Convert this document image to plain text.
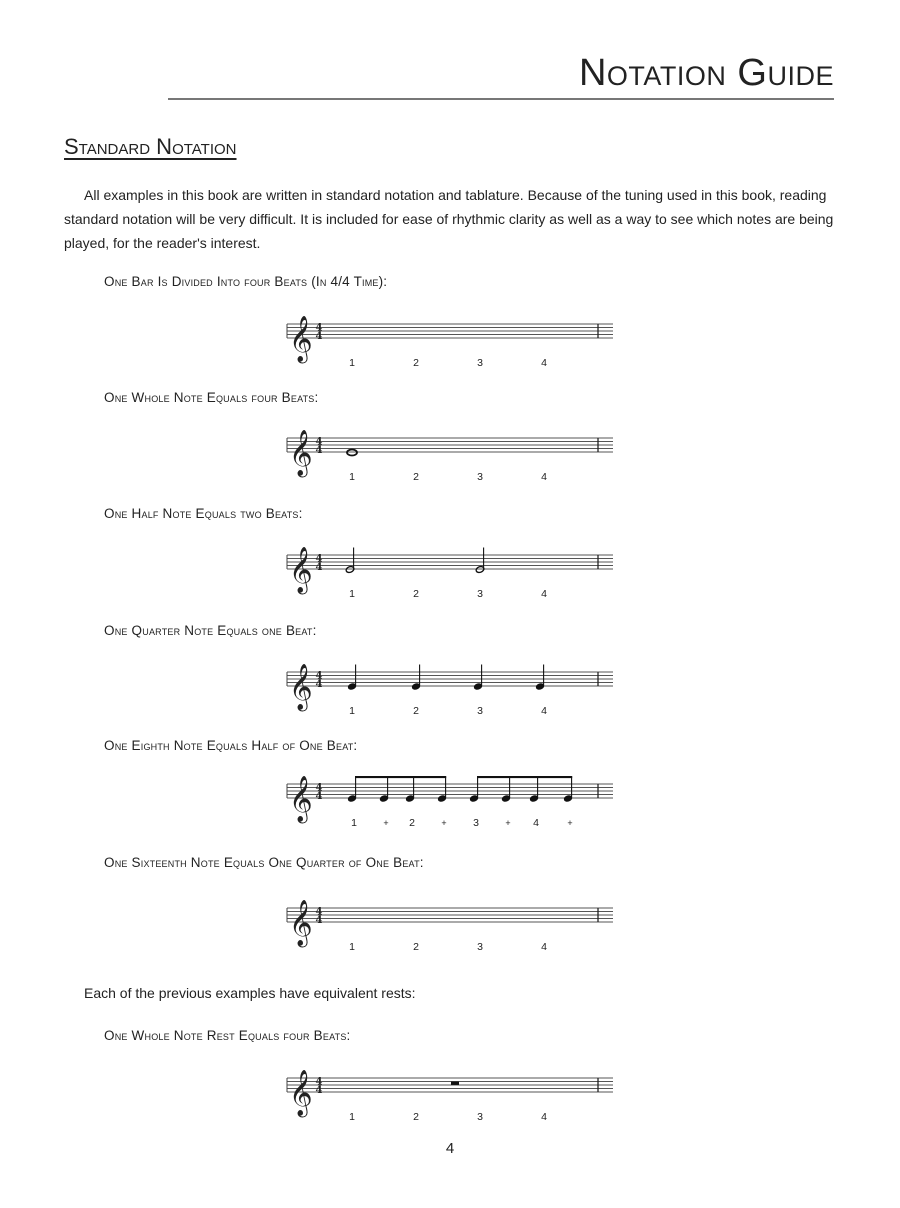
Notation Guide
Standard Notation
All examples in this book are written in standard notation and tablature. Because of the tuning used in this book, reading standard notation will be very difficult. It is included for ease of rhythmic clarity as well as a way to see which notes are being played, for the reader's interest.
One Bar Is Divided Into four Beats (In 4/4 Time):
𝄞 4
4
1	2	3	4
One Whole Note Equals four Beats:
𝄞 4
4
1	2	3	4
One Half Note Equals two Beats:
𝄞 4
4
1	2	3	4
One Quarter Note Equals one Beat:
𝄞 4
4
1	2	3	4
One Eighth Note Equals Half of One Beat:
𝄞 4
4
1	+ 2	+	3	+ 4	+
One Sixteenth Note Equals One Quarter of One Beat:
𝄞 4
4
1	2	3	4
Each of the previous examples have equivalent rests:
One Whole Note Rest Equals four Beats:
𝄞 4
4
1	2	3	4
4
